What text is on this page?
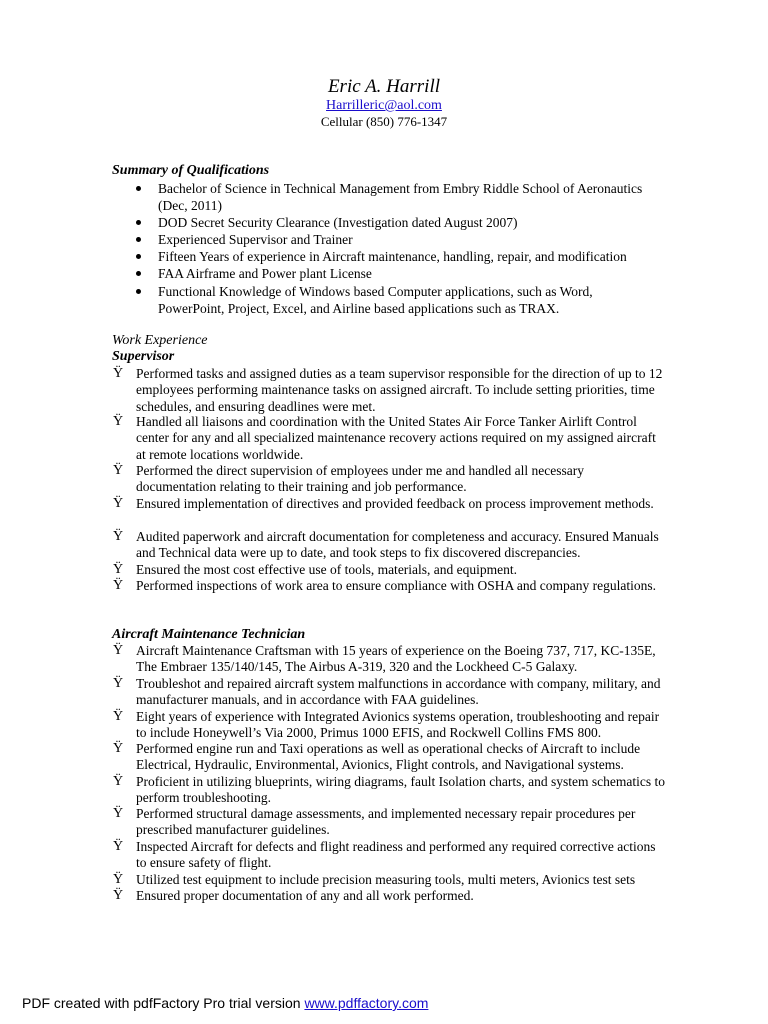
Eric A. Harrill
Harrilleric@aol.com
Cellular (850) 776-1347
Summary of Qualifications
Bachelor of Science in Technical Management from Embry Riddle School of Aeronautics (Dec, 2011)
DOD Secret Security Clearance (Investigation dated August 2007)
Experienced Supervisor and Trainer
Fifteen Years of experience in Aircraft maintenance, handling, repair, and modification
FAA Airframe and Power plant License
Functional Knowledge of Windows based Computer applications, such as Word, PowerPoint, Project, Excel, and Airline based applications such as TRAX.
Work Experience
Supervisor
Ÿ Performed tasks and assigned duties as a team supervisor responsible for the direction of up to 12 employees performing maintenance tasks on assigned aircraft. To include setting priorities, time schedules, and ensuring deadlines were met.
Ÿ Handled all liaisons and coordination with the United States Air Force Tanker Airlift Control center for any and all specialized maintenance recovery actions required on my assigned aircraft at remote locations worldwide.
Ÿ Performed the direct supervision of employees under me and handled all necessary documentation relating to their training and job performance.
Ÿ Ensured implementation of directives and provided feedback on process improvement methods.
Ÿ Audited paperwork and aircraft documentation for completeness and accuracy. Ensured Manuals and Technical data were up to date, and took steps to fix discovered discrepancies.
Ÿ Ensured the most cost effective use of tools, materials, and equipment.
Ÿ Performed inspections of work area to ensure compliance with OSHA and company regulations.
Aircraft Maintenance Technician
Ÿ Aircraft Maintenance Craftsman with 15 years of experience on the Boeing 737, 717, KC-135E, The Embraer 135/140/145, The Airbus A-319, 320 and the Lockheed C-5 Galaxy.
Ÿ Troubleshot and repaired aircraft system malfunctions in accordance with company, military, and manufacturer manuals, and in accordance with FAA guidelines.
Ÿ Eight years of experience with Integrated Avionics systems operation, troubleshooting and repair to include Honeywell’s Via 2000, Primus 1000 EFIS, and Rockwell Collins FMS 800.
Ÿ Performed engine run and Taxi operations as well as operational checks of Aircraft to include Electrical, Hydraulic, Environmental, Avionics, Flight controls, and Navigational systems.
Ÿ Proficient in utilizing blueprints, wiring diagrams, fault Isolation charts, and system schematics to perform troubleshooting.
Ÿ Performed structural damage assessments, and implemented necessary repair procedures per prescribed manufacturer guidelines.
Ÿ Inspected Aircraft for defects and flight readiness and performed any required corrective actions to ensure safety of flight.
Ÿ Utilized test equipment to include precision measuring tools, multi meters, Avionics test sets
Ÿ Ensured proper documentation of any and all work performed.
PDF created with pdfFactory Pro trial version www.pdffactory.com
